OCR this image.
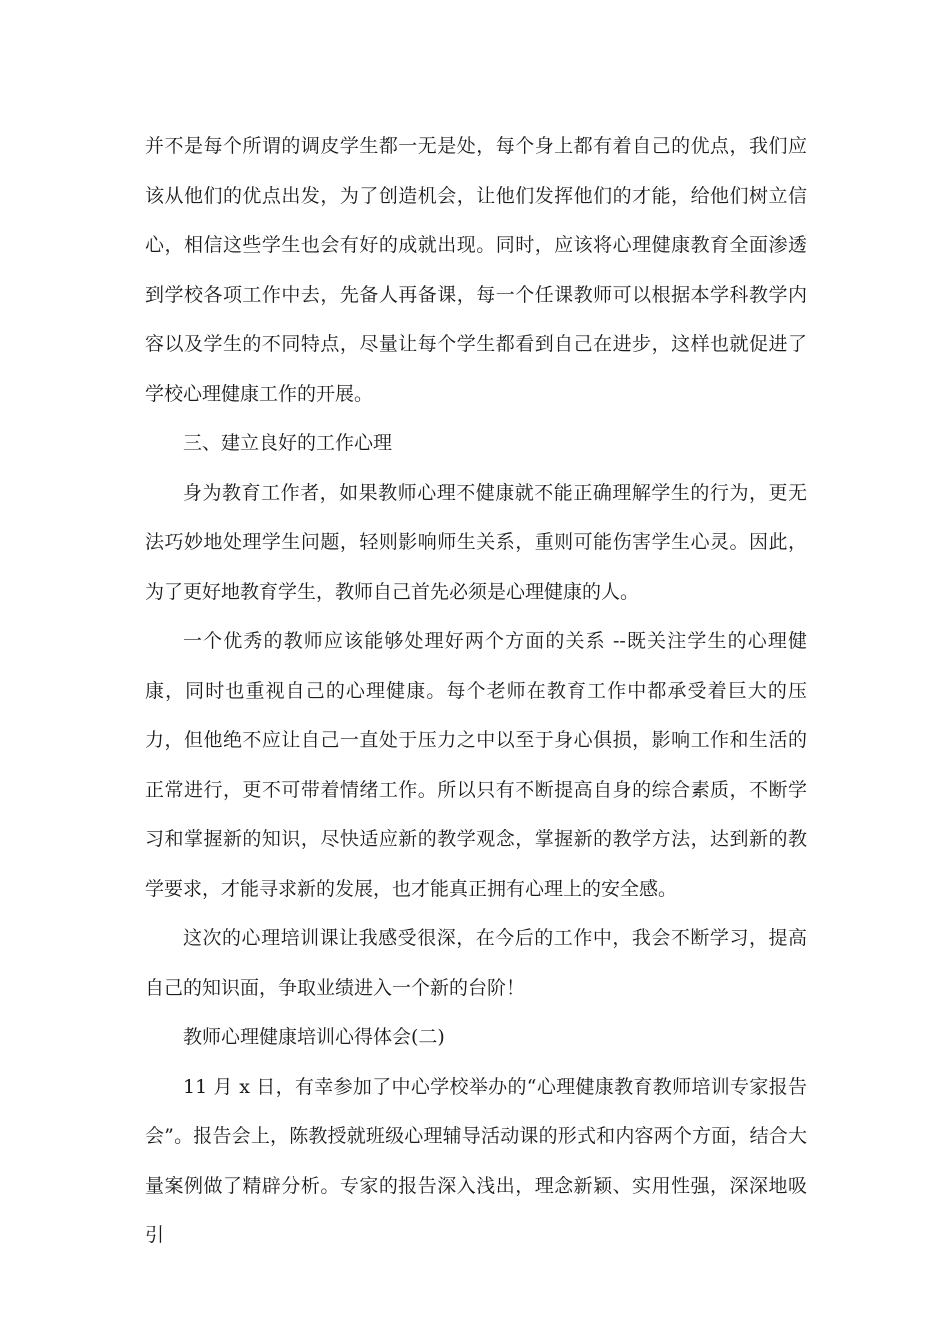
并不是每个所谓的调皮学生都一无是处，每个身上都有着自己的优点，我们应该从他们的优点出发，为了创造机会，让他们发挥他们的才能，给他们树立信心，相信这些学生也会有好的成就出现。同时，应该将心理健康教育全面渗透到学校各项工作中去，先备人再备课，每一个任课教师可以根据本学科教学内容以及学生的不同特点，尽量让每个学生都看到自己在进步，这样也就促进了学校心理健康工作的开展。

三、建立良好的工作心理

身为教育工作者，如果教师心理不健康就不能正确理解学生的行为，更无法巧妙地处理学生问题，轻则影响师生关系，重则可能伤害学生心灵。因此，为了更好地教育学生，教师自己首先必须是心理健康的人。

一个优秀的教师应该能够处理好两个方面的关系 --既关注学生的心理健康，同时也重视自己的心理健康。每个老师在教育工作中都承受着巨大的压力，但他绝不应让自己一直处于压力之中以至于身心俱损，影响工作和生活的正常进行，更不可带着情绪工作。所以只有不断提高自身的综合素质，不断学习和掌握新的知识，尽快适应新的教学观念，掌握新的教学方法，达到新的教学要求，才能寻求新的发展，也才能真正拥有心理上的安全感。

这次的心理培训课让我感受很深，在今后的工作中，我会不断学习，提高自己的知识面，争取业绩进入一个新的台阶！

教师心理健康培训心得体会(二)

11 月 x 日，有幸参加了中心学校举办的“心理健康教育教师培训专家报告会”。报告会上，陈教授就班级心理辅导活动课的形式和内容两个方面，结合大量案例做了精辟分析。专家的报告深入浅出，理念新颖、实用性强，深深地吸引
